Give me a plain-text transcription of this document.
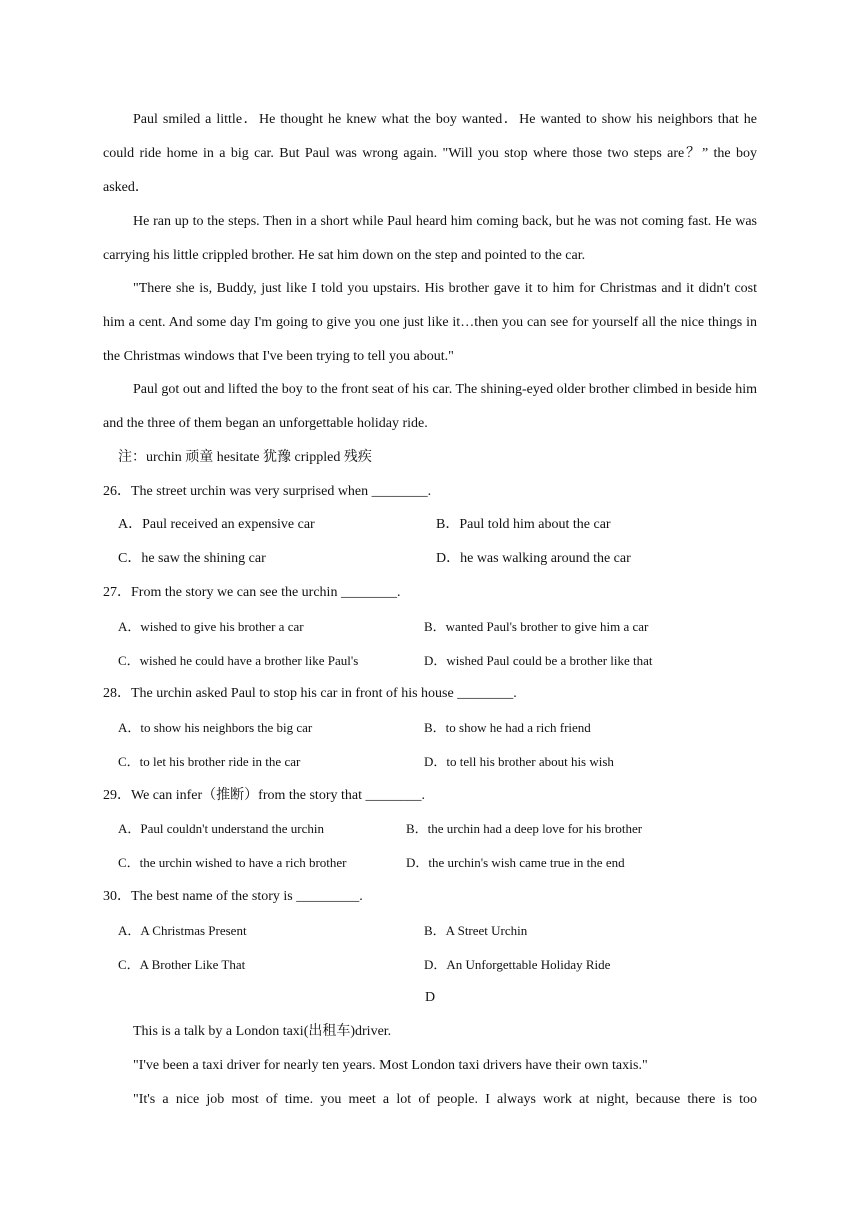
Paul smiled a little．He thought he knew what the boy wanted．He wanted to show his neighbors that he could ride home in a big car. But Paul was wrong again. "Will you stop where those two steps are？” the boy asked．

He ran up to the steps. Then in a short while Paul heard him coming back, but he was not coming fast. He was carrying his little crippled brother. He sat him down on the step and pointed to the car.

"There she is, Buddy, just like I told you upstairs. His brother gave it to him for Christmas and it didn't cost him a cent. And some day I'm going to give you one just like it…then you can see for yourself all the nice things in the Christmas windows that I've been trying to tell you about."

Paul got out and lifted the boy to the front seat of his car. The shining-eyed older brother climbed in beside him and the three of them began an unforgettable holiday ride.

注：urchin 顽童 hesitate 犹豫 crippled 残疾

26．The street urchin was very surprised when ________.

A．Paul received an expensive car	B．Paul told him about the car

C．he saw the shining car	D．he was walking around the car

27．From the story we can see the urchin ________.

A．wished to give his brother a car	B．wanted Paul's brother to give him a car

C．wished he could have a brother like Paul's	D．wished Paul could be a brother like that

28．The urchin asked Paul to stop his car in front of his house ________.

A．to show his neighbors the big car	B．to show he had a rich friend

C．to let his brother ride in the car	D．to tell his brother about his wish

29．We can infer（推断）from the story that ________.

A．Paul couldn't understand the urchin	B．the urchin had a deep love for his brother

C．the urchin wished to have a rich brother	D．the urchin's wish came true in the end

30．The best name of the story is _________.

A．A Christmas Present	B．A Street Urchin

C．A Brother Like That	D．An Unforgettable Holiday Ride

D

This is a talk by a London taxi(出租车)driver.

"I've been a taxi driver for nearly ten years. Most London taxi drivers have their own taxis."

"It's a nice job most of time. you meet a lot of people. I always work at night, because there is too
